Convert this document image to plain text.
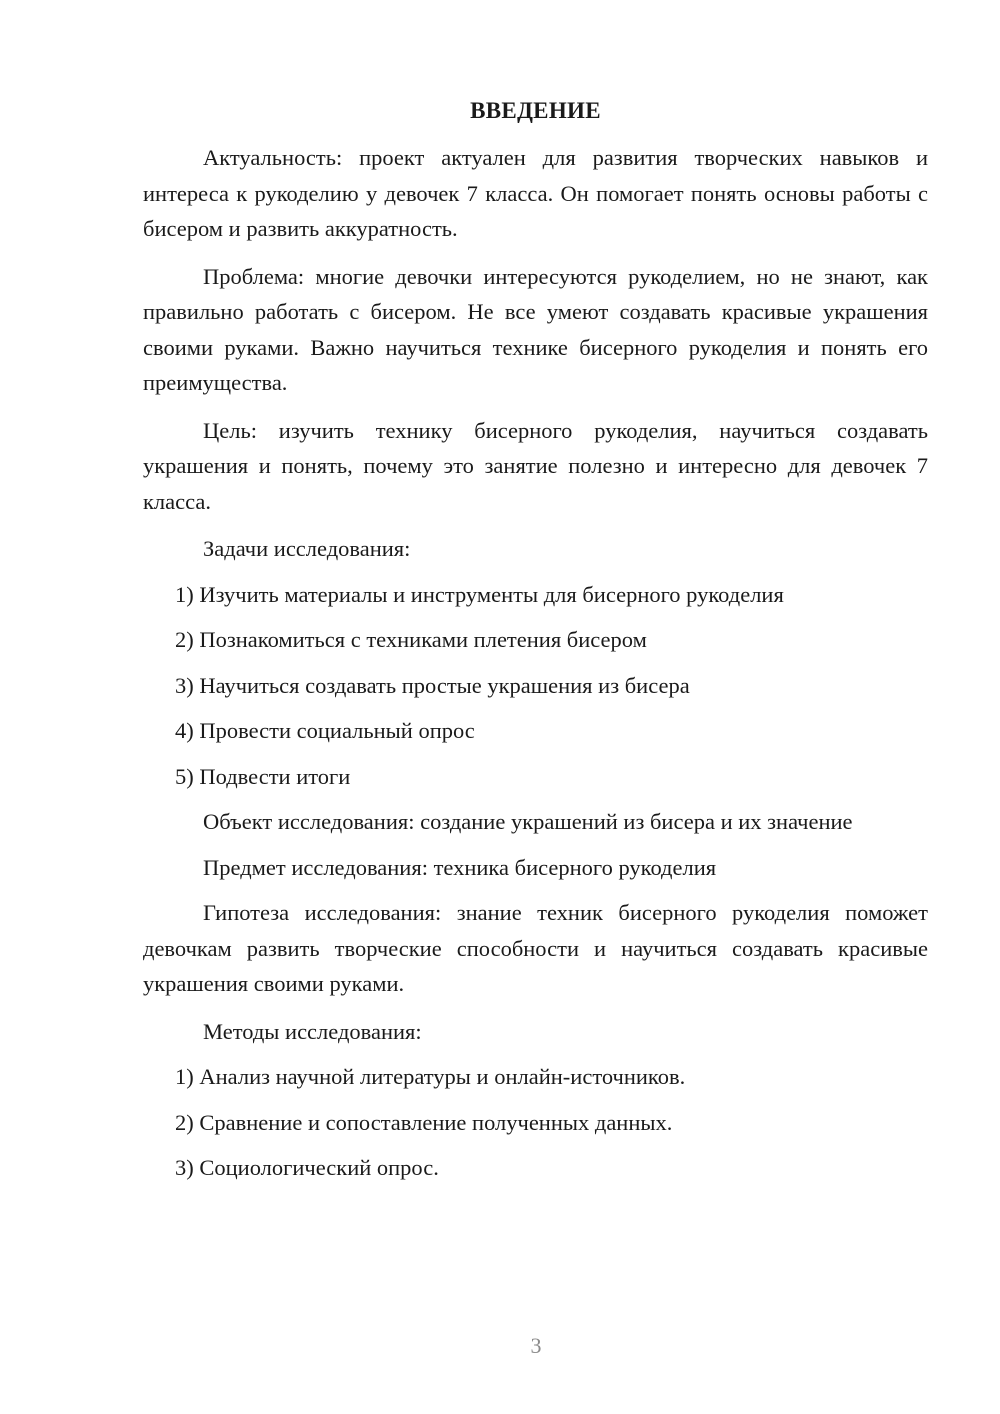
ВВЕДЕНИЕ

Актуальность: проект актуален для развития творческих навыков и интереса к рукоделию у девочек 7 класса. Он помогает понять основы работы с бисером и развить аккуратность.

Проблема: многие девочки интересуются рукоделием, но не знают, как правильно работать с бисером. Не все умеют создавать красивые украшения своими руками. Важно научиться технике бисерного рукоделия и понять его преимущества.

Цель: изучить технику бисерного рукоделия, научиться создавать украшения и понять, почему это занятие полезно и интересно для девочек 7 класса.

Задачи исследования:
1) Изучить материалы и инструменты для бисерного рукоделия
2) Познакомиться с техниками плетения бисером
3) Научиться создавать простые украшения из бисера
4) Провести социальный опрос
5) Подвести итоги
Объект исследования: создание украшений из бисера и их значение
Предмет исследования: техника бисерного рукоделия

Гипотеза исследования: знание техник бисерного рукоделия поможет девочкам развить творческие способности и научиться создавать красивые украшения своими руками.

Методы исследования:
1) Анализ научной литературы и онлайн-источников.
2) Сравнение и сопоставление полученных данных.
3) Социологический опрос.
3
